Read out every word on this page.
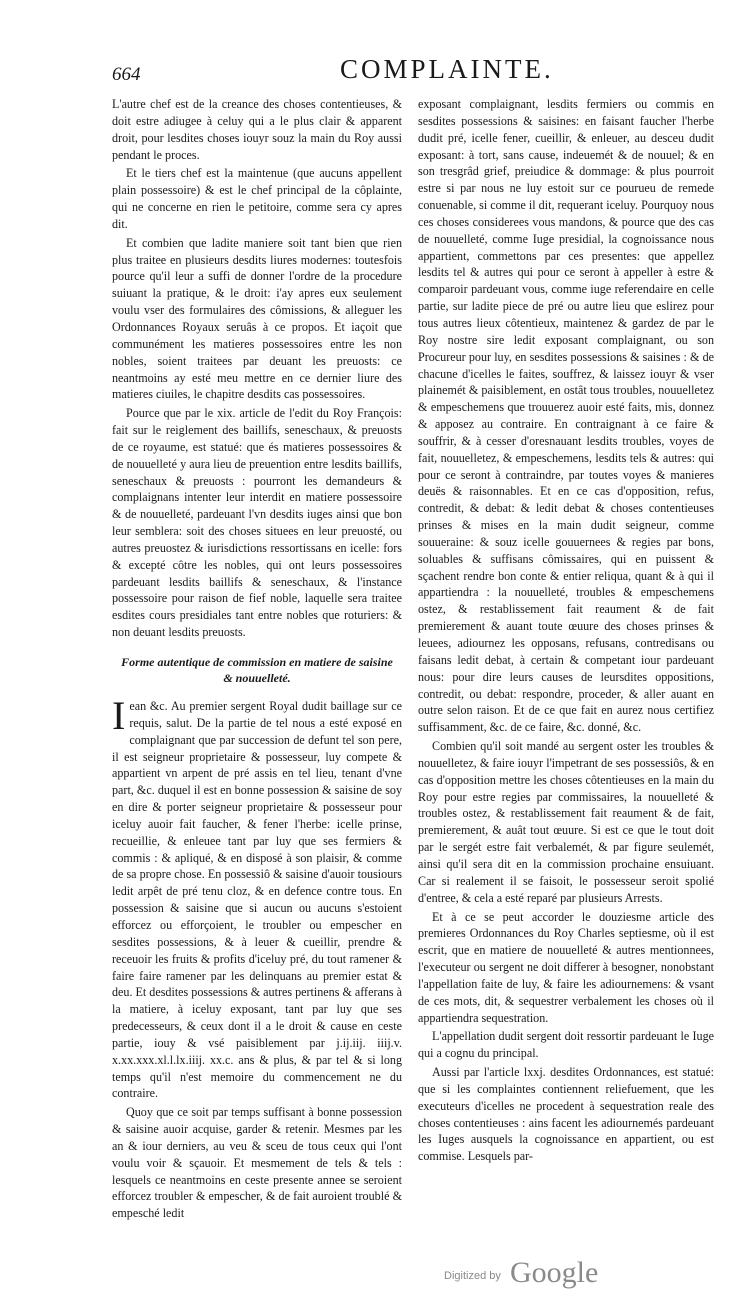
664	COMPLAINTE.

L'autre chef est de la creance des choses contentieuses, & doit estre adiugee à celuy qui a le plus clair & apparent droit, pour lesdites choses iouyr souz la main du Roy aussi pendant le proces.

Et le tiers chef est la maintenue (que aucuns appellent plain possessoire) & est le chef principal de la côplainte, qui ne concerne en rien le petitoire, comme sera cy apres dit.

Et combien que ladite maniere soit tant bien que rien plus traitee en plusieurs desdits liures modernes: toutesfois pource qu'il leur a suffi de donner l'ordre de la procedure suiuant la pratique, & le droit: i'ay apres eux seulement voulu vser des formulaires des cômissions, & alleguer les Ordonnances Royaux seruâs à ce propos. Et iaçoit que communément les matieres possessoires entre les non nobles, soient traitees par deuant les preuosts: ce neantmoins ay esté meu mettre en ce dernier liure des matieres ciuiles, le chapitre desdits cas possessoires.

Pource que par le xix. article de l'edit du Roy François: fait sur le reiglement des baillifs, seneschaux, & preuosts de ce royaume, est statué: que és matieres possessoires & de nouuelleté y aura lieu de preuention entre lesdits baillifs, seneschaux & preuosts : pourront les demandeurs & complaignans intenter leur interdit en matiere possessoire & de nouuelleté, pardeuant l'vn desdits iuges ainsi que bon leur semblera: soit des choses situees en leur preuosté, ou autres preuostez & iurisdictions ressortissans en icelle: fors & excepté côtre les nobles, qui ont leurs possessoires pardeuant lesdits baillifs & seneschaux, & l'instance possessoire pour raison de fief noble, laquelle sera traitee esdites cours presidiales tant entre nobles que roturiers: & non deuant lesdits preuosts.

Forme autentique de commission en matiere de saisine & nouuelleté.

Iean &c. Au premier sergent Royal dudit baillage sur ce requis, salut. De la partie de tel nous a esté exposé en complaignant que par succession de defunt tel son pere, il est seigneur proprietaire & possesseur, luy compete & appartient vn arpent de pré assis en tel lieu, tenant d'vne part, &c. duquel il est en bonne possession & saisine de soy en dire & porter seigneur proprietaire & possesseur pour iceluy auoir fait faucher, & fener l'herbe: icelle prinse, recueillie, & enleuee tant par luy que ses fermiers & commis : & apliqué, & en disposé à son plaisir, & comme de sa propre chose. En possessiô & saisine d'auoir tousiours ledit arpêt de pré tenu cloz, & en defence contre tous. En possession & saisine que si aucun ou aucuns s'estoient efforcez ou efforçoient, le troubler ou empescher en sesdites possessions, & à leuer & cueillir, prendre & receuoir les fruits & profits d'iceluy pré, du tout ramener & faire faire ramener par les delinquans au premier estat & deu. Et desdites possessions & autres pertinens & afferans à la matiere, à iceluy exposant, tant par luy que ses predecesseurs, & ceux dont il a le droit & cause en ceste partie, iouy & vsé paisiblement par j.ij.iij. iiij.v. x.xx.xxx.xl.l.lx.iiij. xx.c. ans & plus, & par tel & si long temps qu'il n'est memoire du commencement ne du contraire.

Quoy que ce soit par temps suffisant à bonne possession & saisine auoir acquise, garder & retenir. Mesmes par les an & iour derniers, au veu & sceu de tous ceux qui l'ont voulu voir & sçauoir. Et mesmement de tels & tels : lesquels ce neantmoins en ceste presente annee se seroient efforcez troubler & empescher, & de fait auroient troublé & empesché ledit

exposant complaignant, lesdits fermiers ou commis en sesdites possessions & saisines: en faisant faucher l'herbe dudit pré, icelle fener, cueillir, & enleuer, au desceu dudit exposant: à tort, sans cause, indeuemét & de nouuel; & en son tresgrâd grief, preiudice & dommage: & plus pourroit estre si par nous ne luy estoit sur ce pourueu de remede conuenable, si comme il dit, requerant iceluy. Pourquoy nous ces choses considerees vous mandons, & pource que des cas de nouuelleté, comme Iuge presidial, la cognoissance nous appartient, commettons par ces presentes: que appellez lesdits tel & autres qui pour ce seront à appeller à estre & comparoir pardeuant vous, comme iuge referendaire en celle partie, sur ladite piece de pré ou autre lieu que eslirez pour tous autres lieux côtentieux, maintenez & gardez de par le Roy nostre sire ledit exposant complaignant, ou son Procureur pour luy, en sesdites possessions & saisines : & de chacune d'icelles le faites, souffrez, & laissez iouyr & vser plainemét & paisiblement, en ostât tous troubles, nouuelletez & empeschemens que trouuerez auoir esté faits, mis, donnez & apposez au contraire. En contraignant à ce faire & souffrir, & à cesser d'oresnauant lesdits troubles, voyes de fait, nouuelletez, & empeschemens, lesdits tels & autres: qui pour ce seront à contraindre, par toutes voyes & manieres deuës & raisonnables. Et en ce cas d'opposition, refus, contredit, & debat: & ledit debat & choses contentieuses prinses & mises en la main dudit seigneur, comme souueraine: & souz icelle gouuernees & regies par bons, soluables & suffisans cômissaires, qui en puissent & sçachent rendre bon conte & entier reliqua, quant & à qui il appartiendra : la nouuelleté, troubles & empeschemens ostez, & restablissement fait reaument & de fait premierement & auant toute œuure des choses prinses & leuees, adiournez les opposans, refusans, contredisans ou faisans ledit debat, à certain & competant iour pardeuant nous: pour dire leurs causes de leursdites oppositions, contredit, ou debat: respondre, proceder, & aller auant en outre selon raison. Et de ce que fait en aurez nous certifiez suffisamment, &c. de ce faire, &c. donné, &c.

Combien qu'il soit mandé au sergent oster les troubles & nouuelletez, & faire iouyr l'impetrant de ses possessiôs, & en cas d'opposition mettre les choses côtentieuses en la main du Roy pour estre regies par commissaires, la nouuelleté & troubles ostez, & restablissement fait reaument & de fait, premierement, & auât tout œuure. Si est ce que le tout doit par le sergét estre fait verbalemét, & par figure seulemét, ainsi qu'il sera dit en la commission prochaine ensuiuant. Car si realement il se faisoit, le possesseur seroit spolié d'entree, & cela a esté reparé par plusieurs Arrests.

Et à ce se peut accorder le douziesme article des premieres Ordonnances du Roy Charles septiesme, où il est escrit, que en matiere de nouuelleté & autres mentionnees, l'executeur ou sergent ne doit differer à besogner, nonobstant l'appellation faite de luy, & faire les adiournemens: & vsant de ces mots, dit, & sequestrer verbalement les choses où il appartiendra sequestration.

L'appellation dudit sergent doit ressortir pardeuant le Iuge qui a cognu du principal.

Aussi par l'article lxxj. desdites Ordonnances, est statué: que si les complaintes contiennent reliefuement, que les executeurs d'icelles ne procedent à sequestration reale des choses contentieuses : ains facent les adiournemés pardeuant les Iuges ausquels la cognoissance en appartient, ou est commise. Lesquels par-

Digitized by Google
